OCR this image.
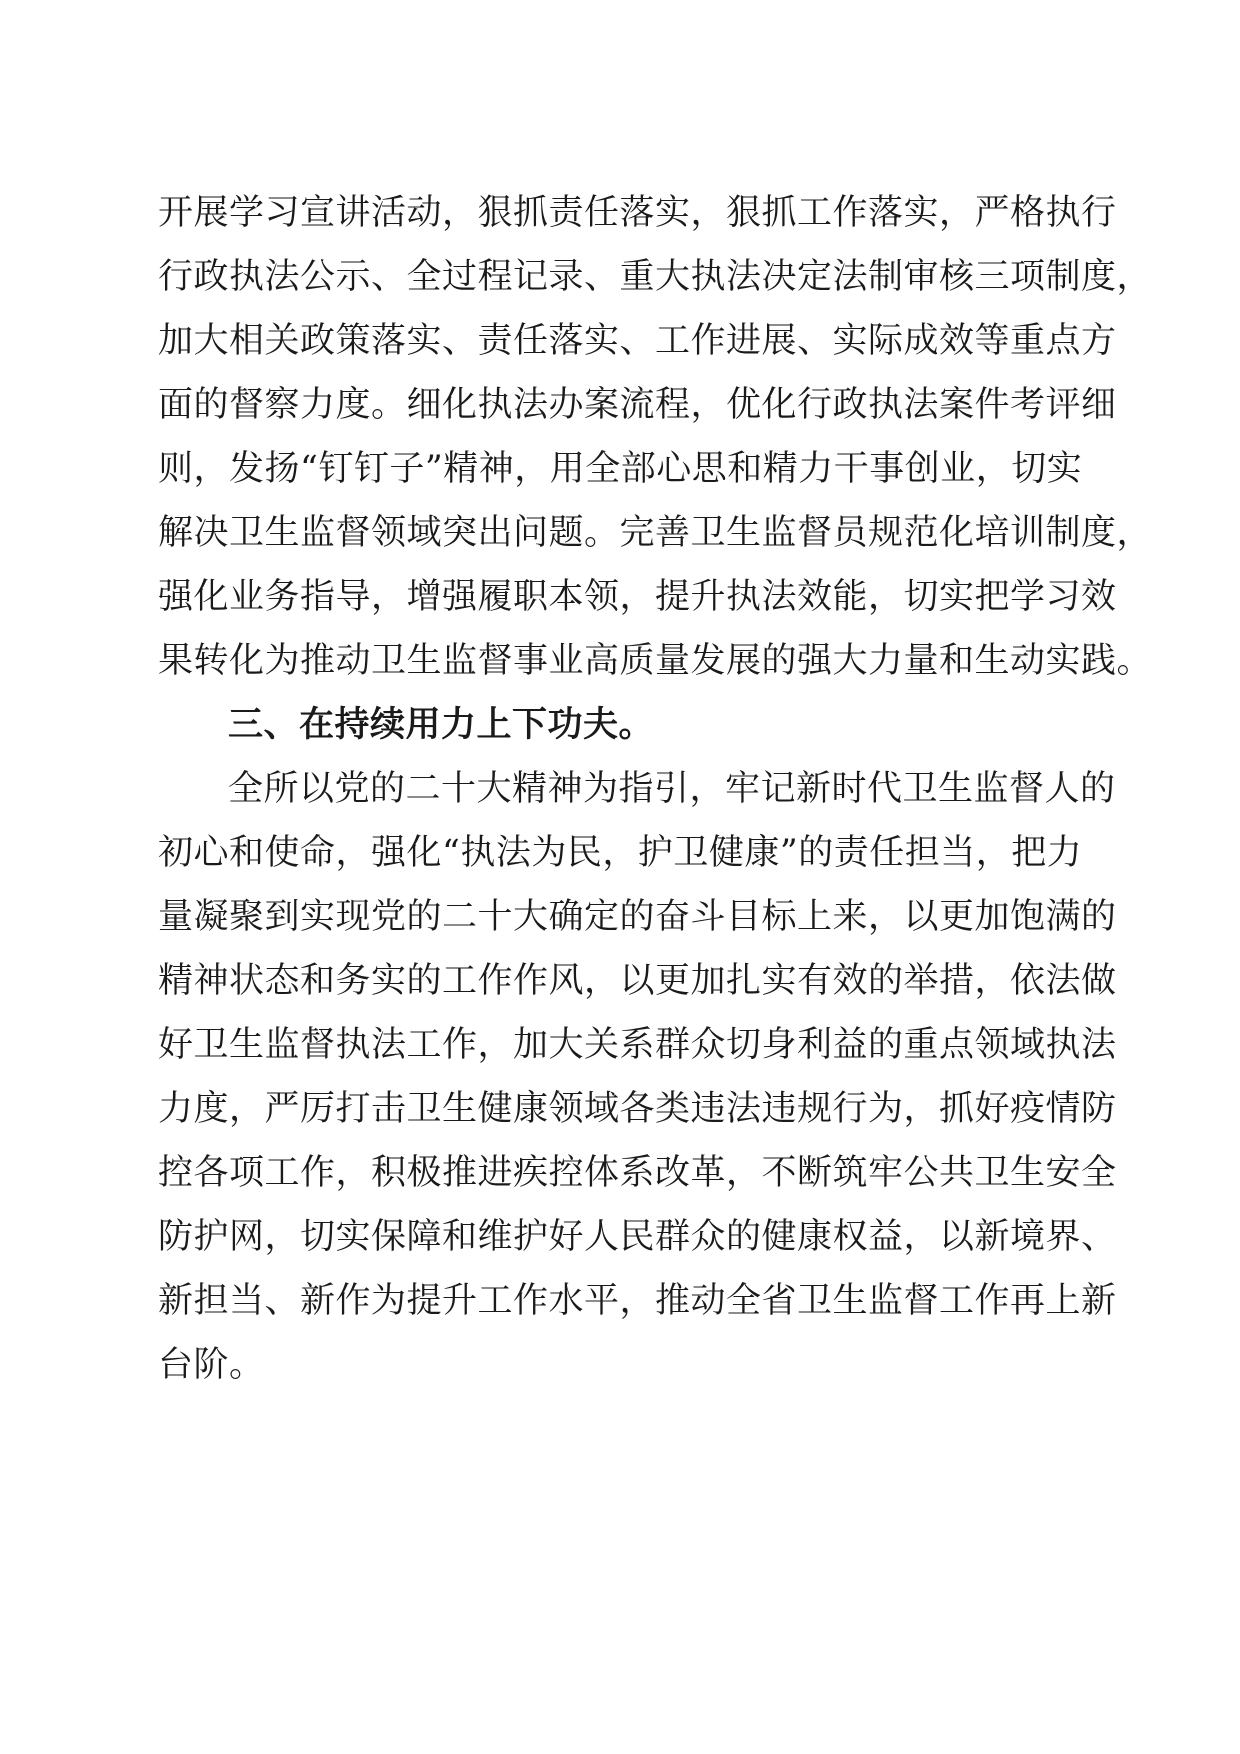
开展学习宣讲活动，狠抓责任落实，狠抓工作落实，严格执行
行政执法公示、全过程记录、重大执法决定法制审核三项制度，
加大相关政策落实、责任落实、工作进展、实际成效等重点方
面的督察力度。细化执法办案流程，优化行政执法案件考评细
则，发扬“钉钉子”精神，用全部心思和精力干事创业，切实
解决卫生监督领域突出问题。完善卫生监督员规范化培训制度，
强化业务指导，增强履职本领，提升执法效能，切实把学习效
果转化为推动卫生监督事业高质量发展的强大力量和生动实践。
三、在持续用力上下功夫。
全所以党的二十大精神为指引，牢记新时代卫生监督人的
初心和使命，强化“执法为民，护卫健康”的责任担当，把力
量凝聚到实现党的二十大确定的奋斗目标上来，以更加饱满的
精神状态和务实的工作作风，以更加扎实有效的举措，依法做
好卫生监督执法工作，加大关系群众切身利益的重点领域执法
力度，严厉打击卫生健康领域各类违法违规行为，抓好疫情防
控各项工作，积极推进疾控体系改革，不断筑牢公共卫生安全
防护网，切实保障和维护好人民群众的健康权益，以新境界、
新担当、新作为提升工作水平，推动全省卫生监督工作再上新
台阶。
